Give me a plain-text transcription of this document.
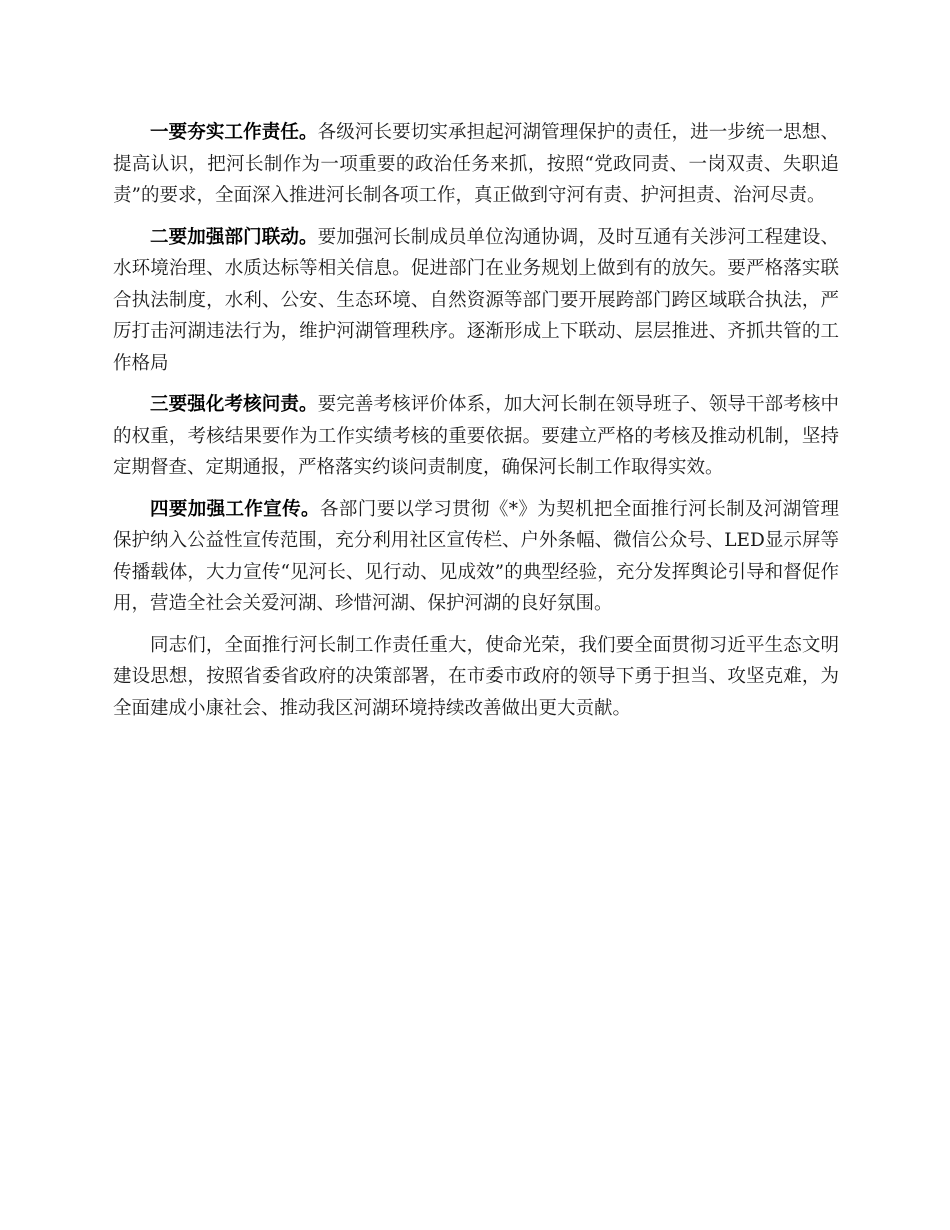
一要夯实工作责任。各级河长要切实承担起河湖管理保护的责任，进一步统一思想、提高认识，把河长制作为一项重要的政治任务来抓，按照“党政同责、一岗双责、失职追责”的要求，全面深入推进河长制各项工作，真正做到守河有责、护河担责、治河尽责。

二要加强部门联动。要加强河长制成员单位沟通协调，及时互通有关涉河工程建设、水环境治理、水质达标等相关信息。促进部门在业务规划上做到有的放矢。要严格落实联合执法制度，水利、公安、生态环境、自然资源等部门要开展跨部门跨区域联合执法，严厉打击河湖违法行为，维护河湖管理秩序。逐渐形成上下联动、层层推进、齐抓共管的工作格局

三要强化考核问责。要完善考核评价体系，加大河长制在领导班子、领导干部考核中的权重，考核结果要作为工作实绩考核的重要依据。要建立严格的考核及推动机制，坚持定期督查、定期通报，严格落实约谈问责制度，确保河长制工作取得实效。

四要加强工作宣传。各部门要以学习贯彻《*》为契机把全面推行河长制及河湖管理保护纳入公益性宣传范围，充分利用社区宣传栏、户外条幅、微信公众号、LED显示屏等传播载体，大力宣传“见河长、见行动、见成效”的典型经验，充分发挥舆论引导和督促作用，营造全社会关爱河湖、珍惜河湖、保护河湖的良好氛围。

同志们，全面推行河长制工作责任重大，使命光荣，我们要全面贯彻习近平生态文明建设思想，按照省委省政府的决策部署，在市委市政府的领导下勇于担当、攻坚克难，为全面建成小康社会、推动我区河湖环境持续改善做出更大贡献。
